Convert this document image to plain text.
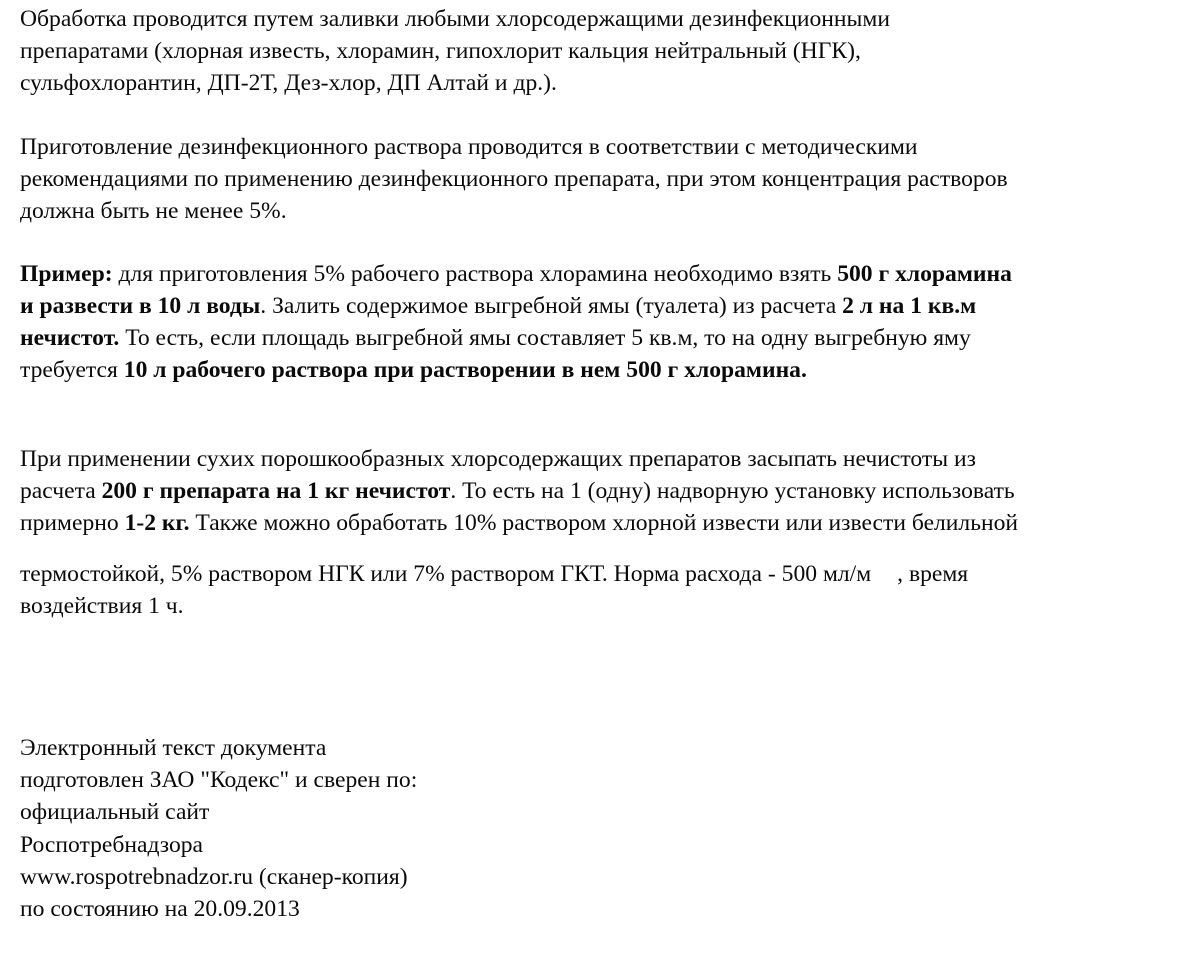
Обработка проводится путем заливки любыми хлорсодержащими дезинфекционными
препаратами (хлорная известь, хлорамин, гипохлорит кальция нейтральный (НГК),
сульфохлорантин, ДП-2Т, Дез-хлор, ДП Алтай и др.).
Приготовление дезинфекционного раствора проводится в соответствии с методическими
рекомендациями по применению дезинфекционного препарата, при этом концентрация растворов
должна быть не менее 5%.
Пример: для приготовления 5% рабочего раствора хлорамина необходимо взять 500 г хлорамина
и развести в 10 л воды. Залить содержимое выгребной ямы (туалета) из расчета 2 л на 1 кв.м
нечистот. То есть, если площадь выгребной ямы составляет 5 кв.м, то на одну выгребную яму
требуется 10 л рабочего раствора при растворении в нем 500 г хлорамина.
При применении сухих порошкообразных хлорсодержащих препаратов засыпать нечистоты из
расчета 200 г препарата на 1 кг нечистот. То есть на 1 (одну) надворную установку использовать
примерно 1-2 кг. Также можно обработать 10% раствором хлорной извести или извести белильной
термостойкой, 5% раствором НГК или 7% раствором ГКТ. Норма расхода - 500 мл/м , время
воздействия 1 ч.
Электронный текст документа
подготовлен ЗАО "Кодекс" и сверен по:
официальный сайт
Роспотребнадзора
www.rospotrebnadzor.ru (сканер-копия)
по состоянию на 20.09.2013
